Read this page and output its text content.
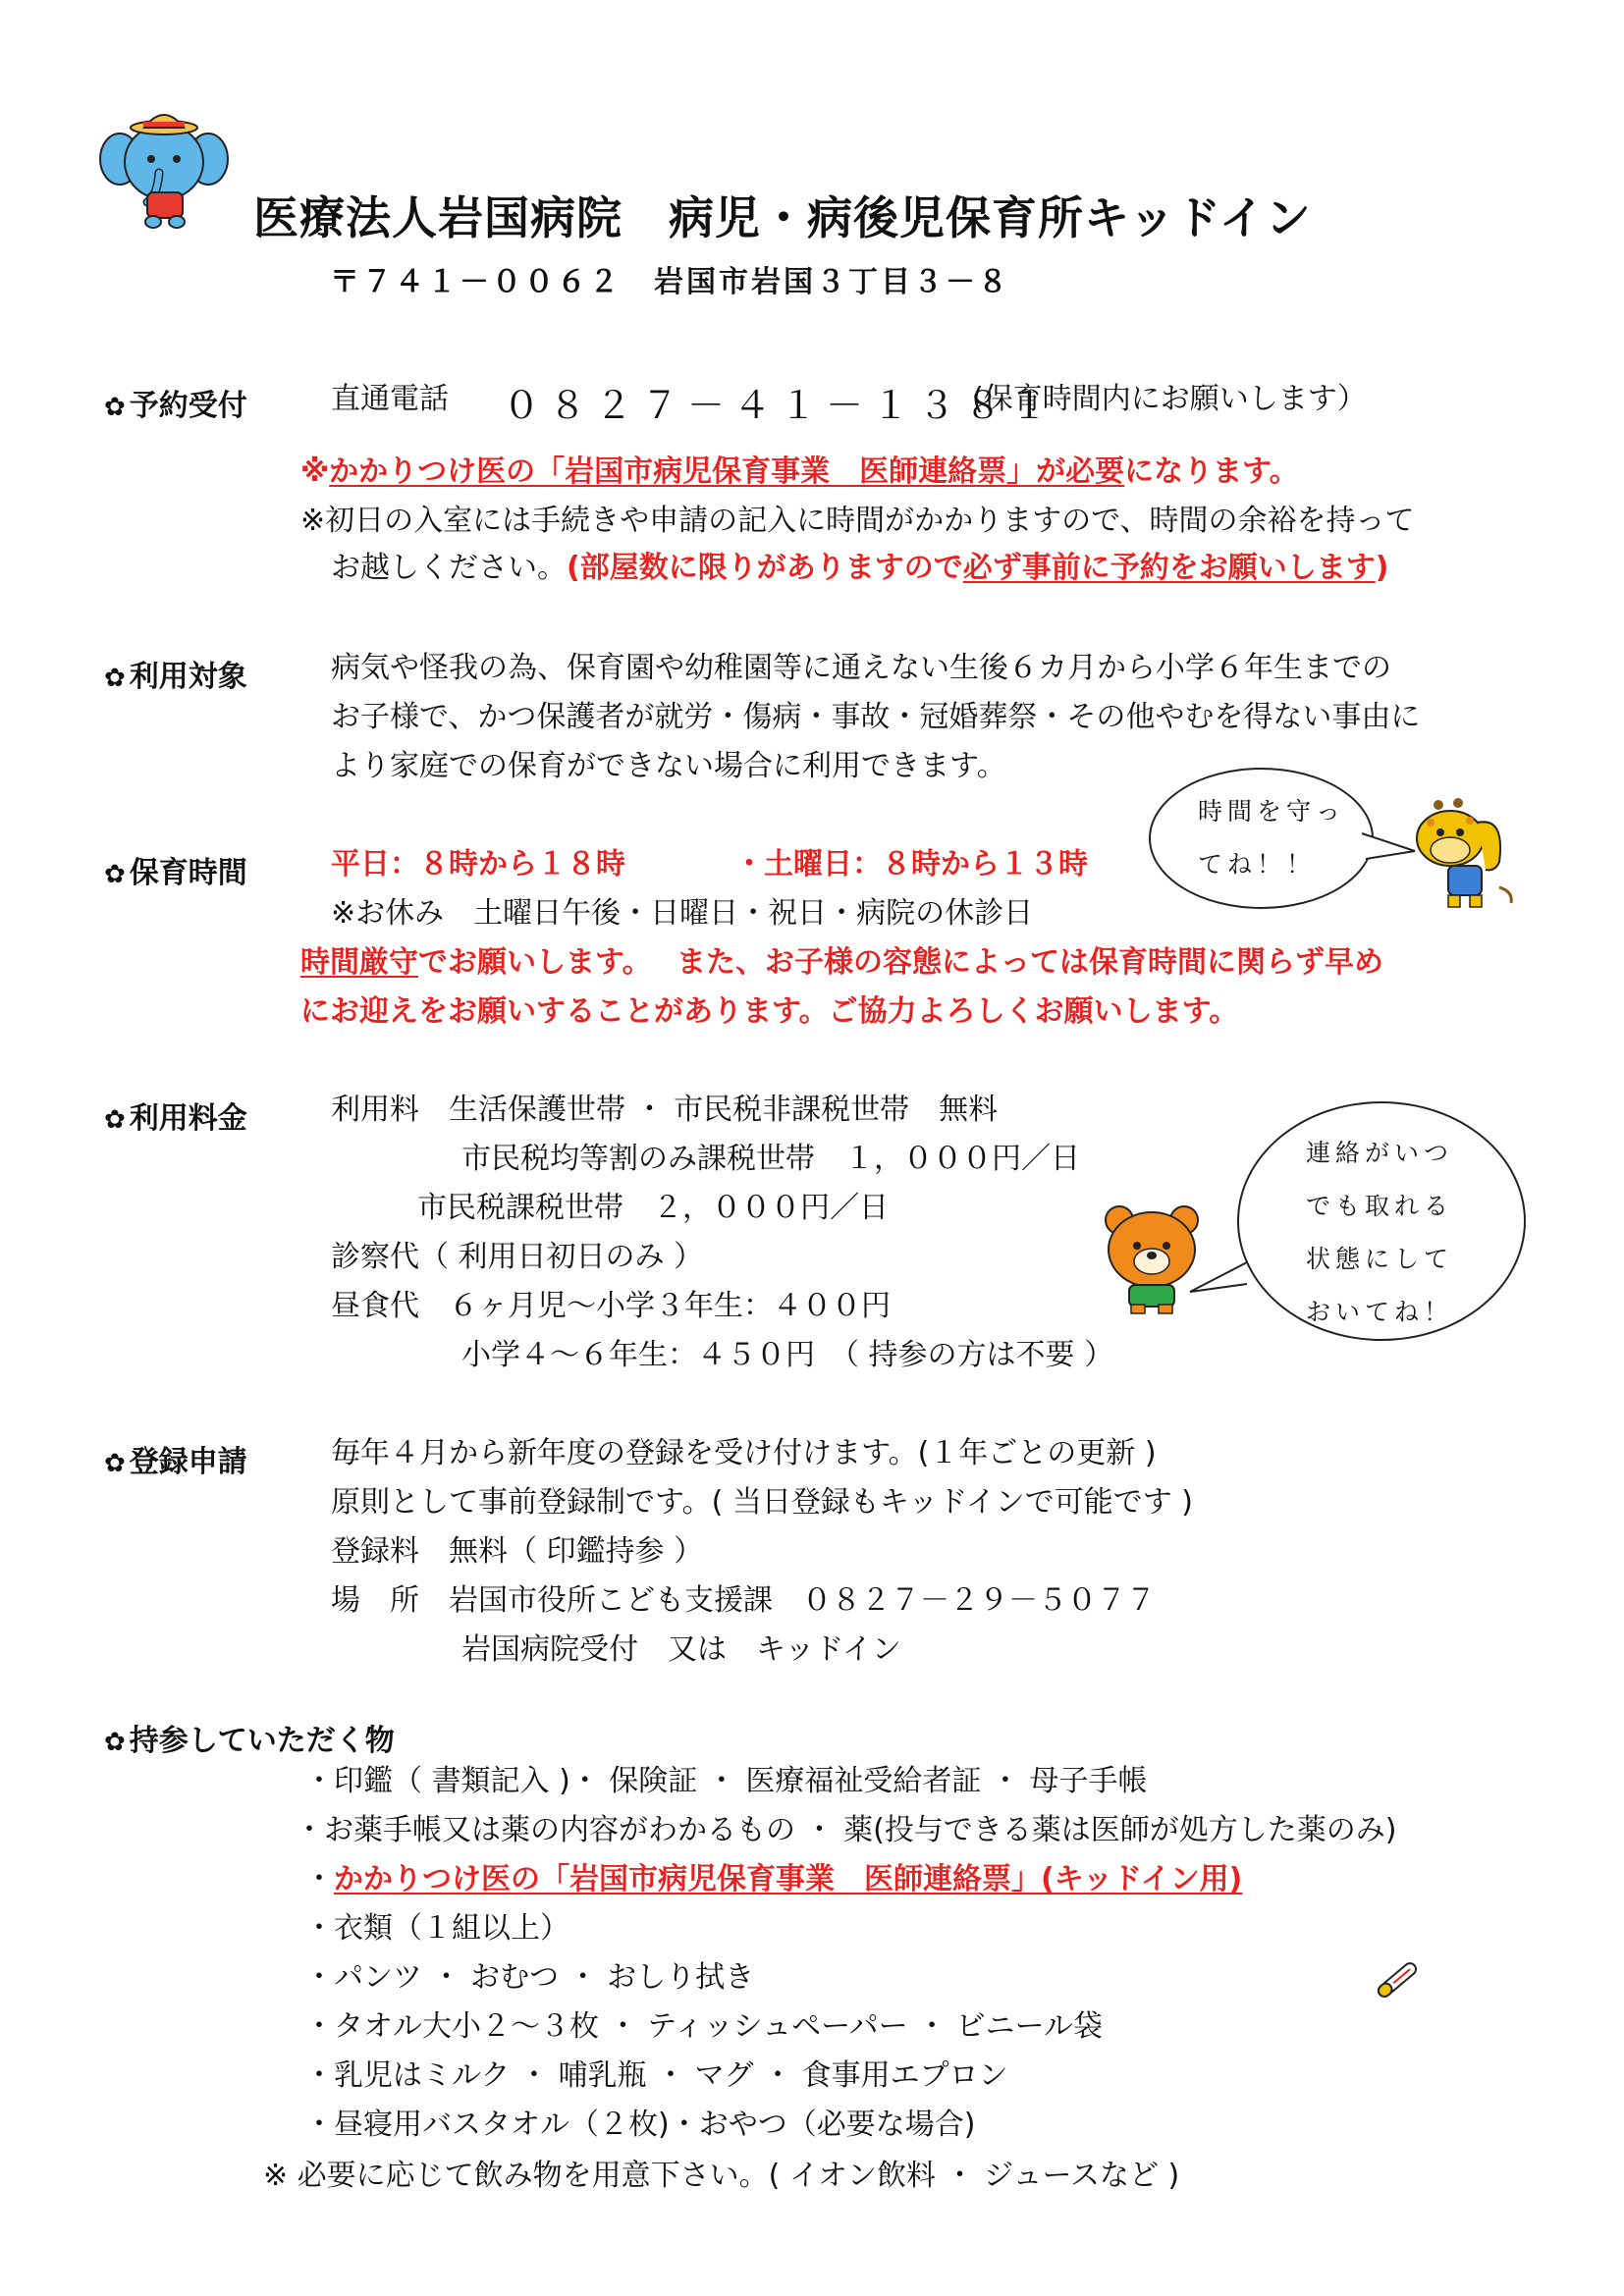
医療法人岩国病院　病児・病後児保育所キッドイン
〒７４１－００６２　岩国市岩国３丁目３－８
✿ 予約受付	直通電話 ０８２７－４１－１３８１
(保育時間内にお願いします）
※かかりつけ医の「岩国市病児保育事業　医師連絡票」が必要になります。
※初日の入室には手続きや申請の記入に時間がかかりますので、時間の余裕を持って
お越しください。(部屋数に限りがありますので必ず事前に予約をお願いします)
✿ 利用対象	病気や怪我の為、保育園や幼稚園等に通えない生後６カ月から小学６年生までの
お子様で、かつ保護者が就労・傷病・事故・冠婚葬祭・その他やむを得ない事由に
より家庭での保育ができない場合に利用できます。
✿ 保育時間	平日：８時から１８時	・土曜日：８時から１３時
※お休み　土曜日午後・日曜日・祝日・病院の休診日
時間厳守でお願いします。　 また、お子様の容態によっては保育時間に関らず早め
にお迎えをお願いすることがあります。ご協力よろしくお願いします。
時間を守ってね！！
✿ 利用料金	利用料　生活保護世帯 ・ 市民税非課税世帯　無料
市民税均等割のみ課税世帯　１，０００円／日
市民税課税世帯　２，０００円／日
診察代（ 利用日初日のみ ）
昼食代　６ヶ月児～小学３年生：４００円
小学４～６年生：４５０円　（ 持参の方は不要 ）
連絡がいつでも取れる状態にしておいてね！
✿ 登録申請	毎年４月から新年度の登録を受け付けます。(１年ごとの更新 )
原則として事前登録制です。( 当日登録もキッドインで可能です )
登録料　無料（ 印鑑持参 ）
場　所　岩国市役所こども支援課　０８２７－２９－５０７７
岩国病院受付　又は　キッドイン
✿ 持参していただく物
・印鑑（ 書類記入 )・ 保険証 ・ 医療福祉受給者証 ・ 母子手帳
・お薬手帳又は薬の内容がわかるもの ・ 薬(投与できる薬は医師が処方した薬のみ)
・かかりつけ医の「岩国市病児保育事業　医師連絡票」(キッドイン用)
・衣類（１組以上）
・パンツ ・ おむつ ・ おしり拭き
・タオル大小２～３枚 ・ ティッシュペーパー ・ ビニール袋
・乳児はミルク ・ 哺乳瓶 ・ マグ ・ 食事用エプロン
・昼寝用バスタオル（２枚)・おやつ（必要な場合)
※ 必要に応じて飲み物を用意下さい。( イオン飲料 ・ ジュースなど )
